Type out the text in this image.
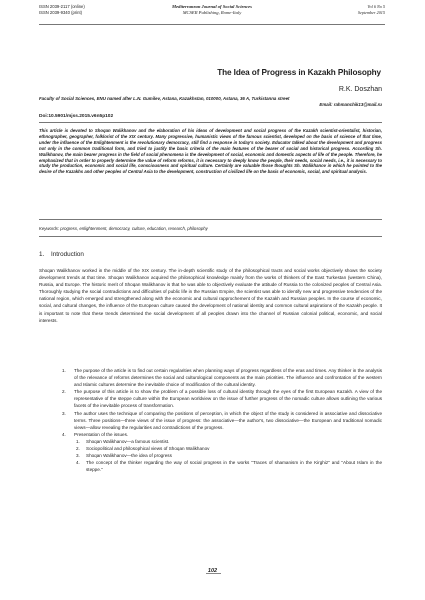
ISSN 2039-2117 (online)
ISSN 2039-9340 (print)
Mediterranean Journal of Social Sciences
MCSER Publishing, Rome-Italy
Vol 6 No 5
September 2015
The Idea of Progress in Kazakh Philosophy
R.K. Doszhan
Faculty of Social Sciences, ENU named after L.N. Gumilev, Astana, Kazakhstan, 010000, Astana, 36 A, Turkistanna street
Email: rahmanchik13@mail.ru
Doi:10.5901/mjss.2015.v6n5p102
This article is devoted to Shoqan Walikhanov and the elaboration of his ideas of development and social progress of the Kazakh scientist-orientalist, historian, ethnographer, geographer, folklorist of the XIX century. Many progressive, humanistic views of the famous scientist, developed on the basis of science of that time, under the influence of the Enlightenment is the revolutionary democracy, still find a response in today's society. Educator talked about the development and progress not only in the common traditional form, and tried to justify the basic criteria of the main features of the bearer of social and historical progress. According Sh. Walikhanov, the main bearer progress in the field of social phenomena is the development of social, economic and domestic aspects of life of the people. Therefore, he emphasized that in order to properly determine the value of reform reforms, it is necessary to deeply know the people, their needs, social needs, i.e., it is necessary to study the production, economic and social life, consciousness and spiritual culture. Certainly are valuable those thoughts Sh. Walikhanov in which he pointed to the desire of the Kazakhs and other peoples of Central Asia to the development, construction of civilized life on the basis of economic, social, and spiritual analysis.
Keywords: progress, enlightenment, democracy, culture, education, research, philosophy
1. Introduction
Shoqan Walikhanov worked in the middle of the XIX century. The in-depth scientific study of the philosophical tracts and social works objectively shows the society development trends at that time. Shoqan Walikhanov acquired the philosophical knowledge mainly from the works of thinkers of the East Turkestan (western China), Russia, and Europe. The historic merit of Shoqan Walikhanov is that he was able to objectively evaluate the attitude of Russia to the colonized peoples of Central Asia. Thoroughly studying the social contradictions and difficulties of public life in the Russian Empire, the scientist was able to identify new and progressive tendencies of the national region, which emerged and strengthened along with the economic and cultural rapprochement of the Kazakh and Russian peoples. In the course of economic, social, and cultural changes, the influence of the European culture caused the development of national identity and common cultural aspirations of the Kazakh people. It is important to note that these trends determined the social development of all peoples drawn into the channel of Russian colonial political, economic, and social interests.
1. The purpose of the article is to find out certain regularities when planning ways of progress regardless of the eras and times. Any thinker in the analysis of the relevance of reforms determines the social and culturological components as the main priorities. The influence and confrontation of the western and Islamic cultures determine the inevitable choice of modification of the cultural identity.
2. The purpose of this article is to show the problem of a possible loss of cultural identity through the eyes of the first European Kazakh. A view of the representative of the steppe culture within the European worldview on the issue of further progress of the nomadic culture allows outlining the various facets of the inevitable process of transformation.
3. The author uses the technique of comparing the positions of perception, in which the object of the study is considered in associative and dissociative terms. Three positions—three views of the issue of progress: the associative—the author's, two dissociative—the European and traditional nomadic views—allow revealing the regularities and contradictions of the progress.
4. Presentation of the issues.
1. Shoqan Walikhanov—a famous scientist.
2. Sociopolitical and philosophical views of Shoqan Walikhanov
3. Shoqan Walikhanov—the idea of progress
4. The concept of the thinker regarding the way of social progress in the works "Traces of shamanism in the Kirghiz" and "About Islam in the steppe."
102
